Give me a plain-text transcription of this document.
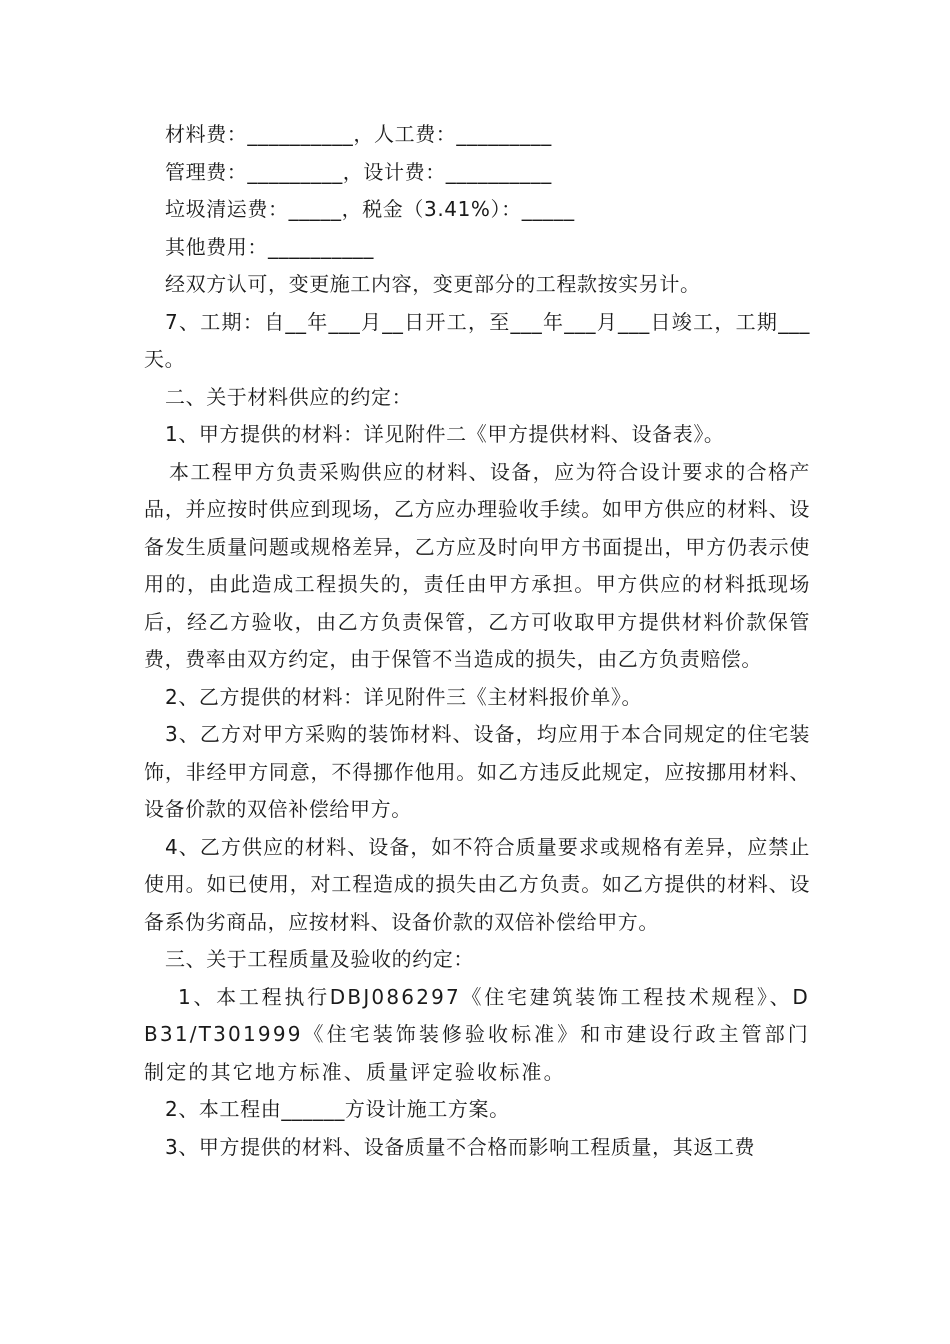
材料费：__________，人工费：_________

管理费：_________，设计费：__________

垃圾清运费：_____，税金（3.41%）：_____

其他费用：__________

经双方认可，变更施工内容，变更部分的工程款按实另计。

7、工期：自__年___月__日开工，至___年___月___日竣工，工期___天。

二、关于材料供应的约定：

1、甲方提供的材料：详见附件二《甲方提供材料、设备表》。

本工程甲方负责采购供应的材料、设备，应为符合设计要求的合格产品，并应按时供应到现场，乙方应办理验收手续。如甲方供应的材料、设备发生质量问题或规格差异，乙方应及时向甲方书面提出，甲方仍表示使用的，由此造成工程损失的，责任由甲方承担。甲方供应的材料抵现场后，经乙方验收，由乙方负责保管，乙方可收取甲方提供材料价款保管费，费率由双方约定，由于保管不当造成的损失，由乙方负责赔偿。

2、乙方提供的材料：详见附件三《主材料报价单》。

3、乙方对甲方采购的装饰材料、设备，均应用于本合同规定的住宅装饰，非经甲方同意，不得挪作他用。如乙方违反此规定，应按挪用材料、设备价款的双倍补偿给甲方。

4、乙方供应的材料、设备，如不符合质量要求或规格有差异，应禁止使用。如已使用，对工程造成的损失由乙方负责。如乙方提供的材料、设备系伪劣商品，应按材料、设备价款的双倍补偿给甲方。

三、关于工程质量及验收的约定：

1、本工程执行DBJ086297《住宅建筑装饰工程技术规程》、DB31/T301999《住宅装饰装修验收标准》和市建设行政主管部门制定的其它地方标准、质量评定验收标准。

2、本工程由______方设计施工方案。

3、甲方提供的材料、设备质量不合格而影响工程质量，其返工费
